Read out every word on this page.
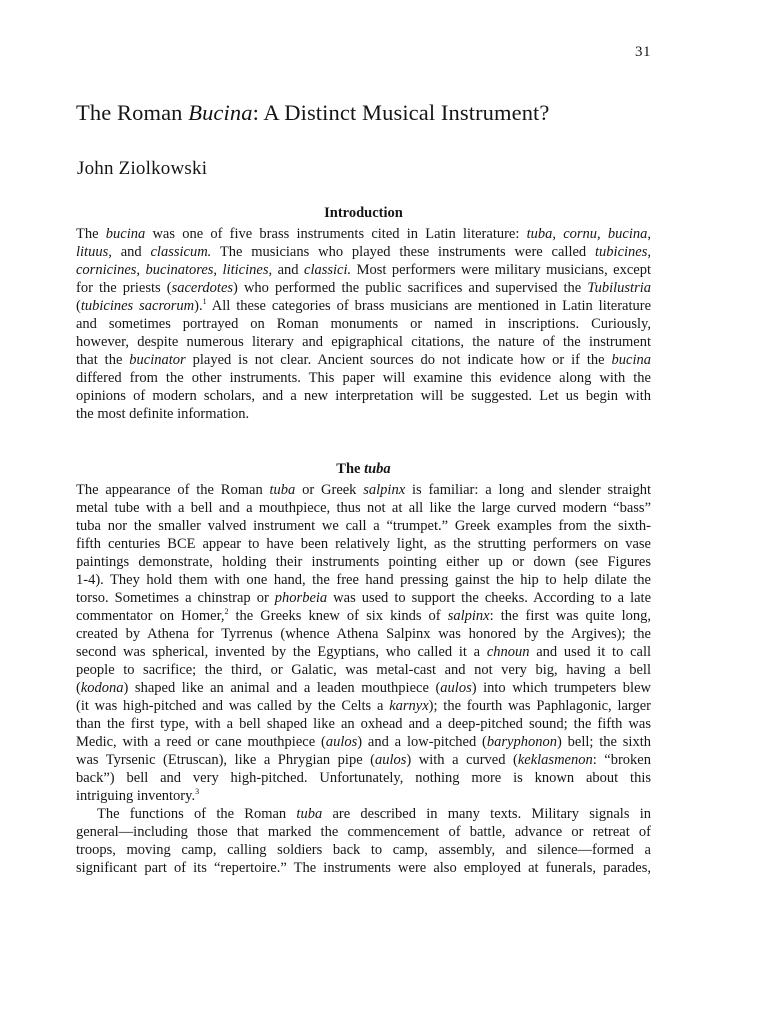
31
The Roman Bucina: A Distinct Musical Instrument?
John Ziolkowski
Introduction
The bucina was one of five brass instruments cited in Latin literature: tuba, cornu, bucina,
lituus, and classicum. The musicians who played these instruments were called tubicines,
cornicines, bucinatores, liticines, and classici. Most performers were military musicians, except
for the priests (sacerdotes) who performed the public sacrifices and supervised the Tubilustria
(tubicines sacrorum).$^1$ All these categories of brass musicians are mentioned in Latin literature
and sometimes portrayed on Roman monuments or named in inscriptions. Curiously,
however, despite numerous literary and epigraphical citations, the nature of the instrument
that the bucinator played is not clear. Ancient sources do not indicate how or if the bucina
differed from the other instruments. This paper will examine this evidence along with the
opinions of modern scholars, and a new interpretation will be suggested. Let us begin with
the most definite information.
The tuba
The appearance of the Roman tuba or Greek salpinx is familiar: a long and slender straight
metal tube with a bell and a mouthpiece, thus not at all like the large curved modern “bass”
tuba nor the smaller valved instrument we call a “trumpet.” Greek examples from the sixth-
fifth centuries BCE appear to have been relatively light, as the strutting performers on vase
paintings demonstrate, holding their instruments pointing either up or down (see Figures
1-4). They hold them with one hand, the free hand pressing gainst the hip to help dilate the
torso. Sometimes a chinstrap or phorbeia was used to support the cheeks. According to a late
commentator on Homer,$^2$ the Greeks knew of six kinds of salpinx: the first was quite long,
created by Athena for Tyrrenus (whence Athena Salpinx was honored by the Argives); the
second was spherical, invented by the Egyptians, who called it a chnoun and used it to call
people to sacrifice; the third, or Galatic, was metal-cast and not very big, having a bell
(kodona) shaped like an animal and a leaden mouthpiece (aulos) into which trumpeters blew
(it was high-pitched and was called by the Celts a karnyx); the fourth was Paphlagonic, larger
than the first type, with a bell shaped like an oxhead and a deep-pitched sound; the fifth was
Medic, with a reed or cane mouthpiece (aulos) and a low-pitched (baryphonon) bell; the sixth
was Tyrsenic (Etruscan), like a Phrygian pipe (aulos) with a curved (keklasmenon: “broken
back”) bell and very high-pitched. Unfortunately, nothing more is known about this
intriguing inventory.$^3$
The functions of the Roman tuba are described in many texts. Military signals in
general—including those that marked the commencement of battle, advance or retreat of
troops, moving camp, calling soldiers back to camp, assembly, and silence—formed a
significant part of its “repertoire.” The instruments were also employed at funerals, parades,
